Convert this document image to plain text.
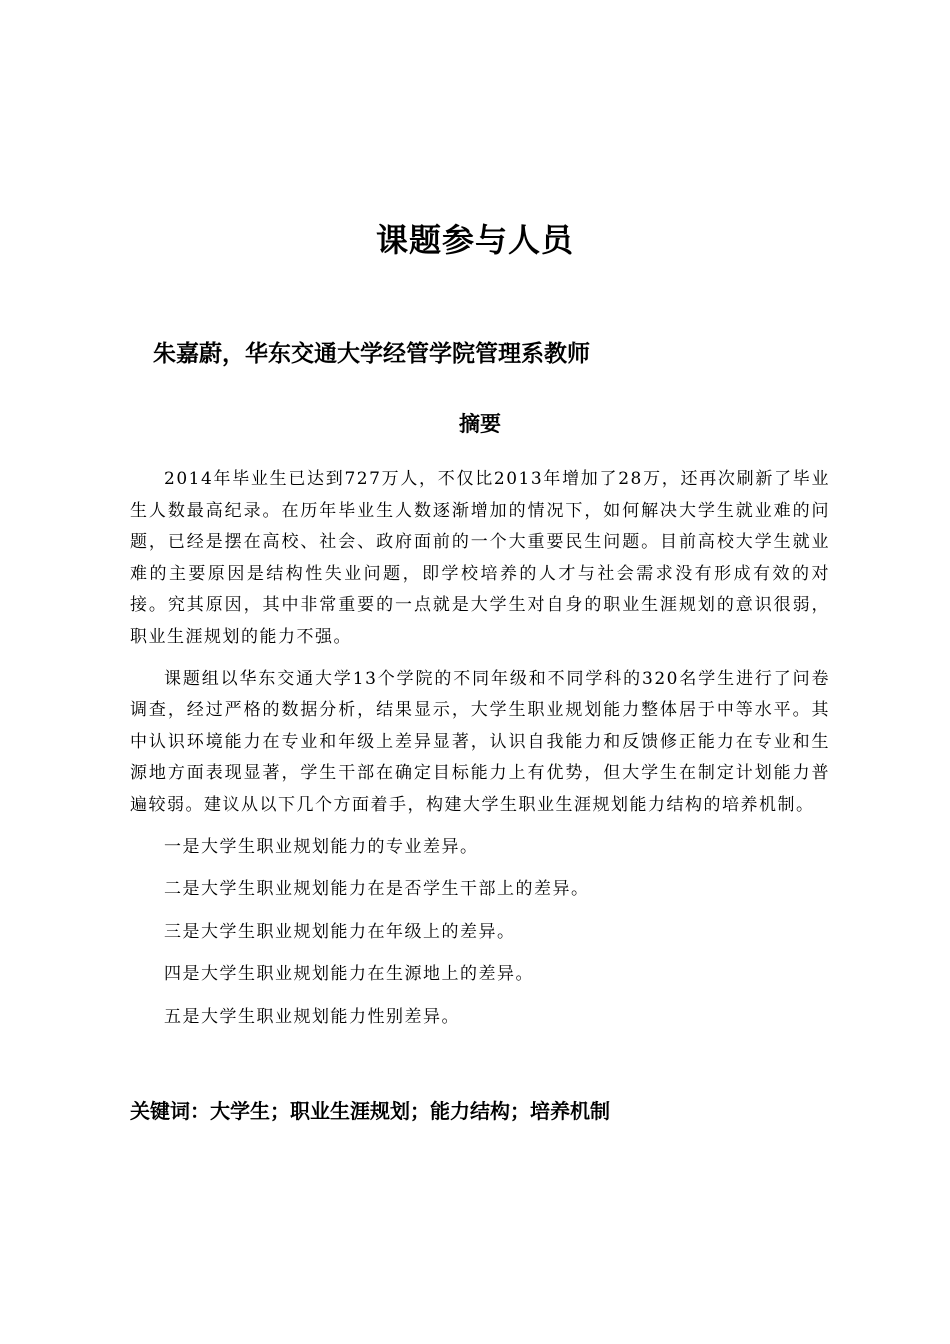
课题参与人员
朱嘉蔚，华东交通大学经管学院管理系教师
摘要

2014年毕业生已达到727万人，不仅比2013年增加了28万，还再次刷新了毕业生人数最高纪录。在历年毕业生人数逐渐增加的情况下，如何解决大学生就业难的问题，已经是摆在高校、社会、政府面前的一个大重要民生问题。目前高校大学生就业难的主要原因是结构性失业问题，即学校培养的人才与社会需求没有形成有效的对接。究其原因，其中非常重要的一点就是大学生对自身的职业生涯规划的意识很弱，职业生涯规划的能力不强。

课题组以华东交通大学13个学院的不同年级和不同学科的320名学生进行了问卷调查，经过严格的数据分析，结果显示，大学生职业规划能力整体居于中等水平。其中认识环境能力在专业和年级上差异显著，认识自我能力和反馈修正能力在专业和生源地方面表现显著，学生干部在确定目标能力上有优势，但大学生在制定计划能力普遍较弱。建议从以下几个方面着手，构建大学生职业生涯规划能力结构的培养机制。

一是大学生职业规划能力的专业差异。

二是大学生职业规划能力在是否学生干部上的差异。

三是大学生职业规划能力在年级上的差异。

四是大学生职业规划能力在生源地上的差异。

五是大学生职业规划能力性别差异。

关键词：大学生；职业生涯规划；能力结构；培养机制
